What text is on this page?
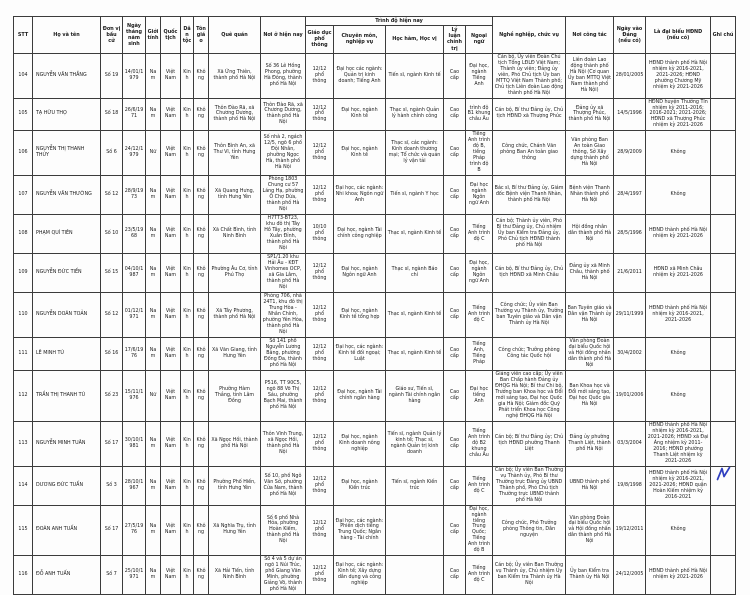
STT	Họ và tên	Đơn vị bầu cử	Ngày tháng năm sinh	Giới tính	Quốc tịch	Dân tộc	Tôn giáo	Quê quán	Nơi ở hiện nay	Trình độ hiện nay					Nghề nghiệp, chức vụ	Nơi công tác	Ngày vào Đảng (nếu có)	Là đại biểu HĐND (nếu có)	Ghi chú
										Giáo dục phổ thông	Chuyên môn, nghiệp vụ	Học hàm, Học vị	Lý luận chính trị	Ngoại ngữ					
104	NGUYỄN VĂN THẮNG	Số 19	14/01/1979	Nam	Việt Nam	Kinh	Không	Xã Ứng Thiên, thành phố Hà Nội	Số 36 Lê Hồng Phong, phường Hà Đông, thành phố Hà Nội	12/12 phổ thông	Đại học các ngành: Quản trị kinh doanh; Tiếng Anh	Tiến sĩ, ngành Kinh tế	Cao cấp	Đại học, ngành Tiếng Anh	Cán bộ, Ủy viên Đoàn Chủ tịch Tổng LĐLĐ Việt Nam; Thành ủy viên; Đảng ủy viên, Phó Chủ tịch Ủy ban MTTQ Việt Nam Thành phố; Chủ tịch Liên đoàn Lao động thành phố Hà Nội	Liên đoàn Lao động thành phố Hà Nội (Cơ quan Ủy ban MTTQ Việt Nam thành phố Hà Nội)	28/01/2005	HĐND thành phố Hà Nội nhiệm kỳ 2016-2021, 2021-2026; HĐND phường Chương Mỹ nhiệm kỳ 2021-2026	
105	TẠ HỮU THỌ	Số 18	26/6/1971	Nam	Việt Nam	Kinh	Không	Thôn Đào Rã, xã Chương Dương, thành phố Hà Nội	Thôn Đào Rã, xã Chương Dương, thành phố Hà Nội	12/12 phổ thông	Đại học, ngành Kinh tế	Thạc sĩ, ngành Quản lý hành chính công	Cao cấp	trình độ B1 khung châu Âu	Cán bộ, Bí thư Đảng ủy, Chủ tịch HĐND xã Thượng Phúc	Đảng ủy xã Thượng Phúc, thành phố Hà Nội	14/5/1996	HĐND huyện Thường Tín nhiệm kỳ 2011-2016; 2016-2021; 2021-2026; HĐND xã Thượng Phúc nhiệm kỳ 2021-2026	
106	NGUYỄN THỊ THANH THỦY	Số 6	24/12/1979	Nữ	Việt Nam	Kinh	Không	Thôn Bình An, xã Thư Vĩ, tỉnh Hưng Yên	Số nhà 2, ngách 12/5, ngõ 6 phố Đội Nhân, phường Ngọc Hà, thành phố Hà Nội	12/12 phổ thông	Đại học, ngành Kinh tế	Thạc sĩ, các ngành: Kinh doanh thương mại; Tổ chức và quản lý vận tải	Cao cấp	Tiếng Anh trình độ B, tiếng Pháp trình độ B	Công chức, Chánh Văn phòng Ban An toàn giao thông	Văn phòng Ban An toàn Giao thông, Sở Xây dựng thành phố Hà Nội	28/9/2009	Không	
107	NGUYỄN VĂN THƯỜNG	Số 12	28/9/1973	Nam	Việt Nam	Kinh	Không	Xã Quang Hưng, tỉnh Hưng Yên	Phòng 1803 Chung cư 57 Láng Hạ, phường Ô Chợ Dừa, thành phố Hà Nội	12/12 phổ thông	Đại học, các ngành: Nhi khoa; Ngôn ngữ Anh	Tiến sĩ, ngành Y học	Cao cấp	Đại học ngành Ngôn ngữ Anh	Bác sĩ, Bí thư Đảng ủy, Giám đốc Bệnh viện Thanh Nhàn, thành phố Hà Nội	Bệnh viện Thanh Nhàn thành phố Hà Nội	28/4/1997	Không	
108	PHẠM QUÍ TIÊN	Số 10	23/5/1968	Nam	Việt Nam	Kinh	Không	Xã Chất Bình, tỉnh Ninh Bình	H7TT3-BT23, khu đô thị Tây Hồ Tây, phường Xuân Đỉnh, thành phố Hà Nội	10/10 phổ thông	Đại học, ngành Tài chính công nghiệp	Thạc sĩ, ngành Kinh tế	Cao cấp	Tiếng Anh trình độ C	Cán bộ; Thành ủy viên, Phó Bí thư Đảng ủy, Chủ nhiệm Ủy ban Kiểm tra Đảng ủy, Phó Chủ tịch HĐND thành phố Hà Nội	Hội đồng nhân dân thành phố Hà Nội	28/5/1996	HĐND thành phố Hà Nội nhiệm kỳ 2021-2026	
109	NGUYỄN ĐỨC TIẾN	Số 15	04/10/1987	Nam	Việt Nam	Kinh	Không	Phường Âu Cơ, tỉnh Phú Thọ	SP1/1.20 khu Hải Âu - KĐT Vinhomes OCP, xã Gia Lâm, thành phố Hà Nội	12/12 phổ thông	Đại học, ngành Ngôn ngữ Anh	Thạc sĩ, ngành Báo chí	Cao cấp	Đại học, ngành Ngôn ngữ Anh	Cán bộ, Bí thư Đảng ủy, Chủ tịch HĐND xã Minh Châu	Đảng ủy xã Minh Châu, thành phố Hà Nội	21/6/2011	HĐND xã Minh Châu nhiệm kỳ 2021-2026	
110	NGUYỄN DOÃN TOẢN	Số 12	01/12/1971	Nam	Việt Nam	Kinh	Không	Xã Tây Phương, thành phố Hà Nội	Phòng 706, nhà 24T1, khu đô thị Trung Hòa - Nhân Chính, phường Yên Hòa, thành phố Hà Nội	12/12 phổ thông	Đại học, ngành Kinh tế tổng hợp	Thạc sĩ, ngành Kinh tế	Cao cấp	Tiếng Anh trình độ C	Công chức; Ủy viên Ban Thường vụ Thành ủy, Trưởng ban Tuyên giáo và Dân vận Thành ủy Hà Nội	Ban Tuyên giáo và Dân vận Thành ủy Hà Nội	29/11/1999	HĐND thành phố Hà Nội nhiệm kỳ 2016-2021, 2021-2026	
111	LÊ MINH TÚ	Số 16	17/6/1976	Nam	Việt Nam	Kinh	Không	Xã Văn Giang, tỉnh Hưng Yên	Số 141 phố Nguyễn Lương Bằng, phường Đống Đa, thành phố Hà Nội	12/12 phổ thông	Đại học, các ngành: Kinh tế đối ngoại; Luật	Thạc sĩ, ngành Kinh tế	Cao cấp	Tiếng Anh, Tiếng Pháp	Công chức; Trưởng phòng Công tác Quốc hội	Văn phòng Đoàn đại biểu Quốc hội và Hội đồng nhân dân thành phố Hà Nội	30/4/2002	Không	
112	TRẦN THỊ THANH TÚ	Số 23	15/11/1976	Nữ	Việt Nam	Kinh	Không	Phường Hàm Thắng, tỉnh Lâm Đồng	P516, TT 90C5, ngõ 88 Võ Thị Sáu, phường Bạch Mai, thành phố Hà Nội	12/12 phổ thông	Đại học, ngành Tài chính ngân hàng	Giáo sư, Tiến sĩ, ngành Tài chính ngân hàng	Cao cấp	Đại học tiếng Anh	Giảng viên cao cấp; Ủy viên Ban Chấp hành Đảng ủy ĐHQG Hà Nội; Bí thư Chi bộ, Trưởng ban Khoa học và Đổi mới sáng tạo, Đại học Quốc gia Hà Nội; Giám đốc Quỹ Phát triển Khoa học Công nghệ ĐHQG Hà Nội	Ban Khoa học và Đổi mới sáng tạo, Đại học Quốc gia Hà Nội	19/01/2006	Không	
113	NGUYỄN MINH TUÂN	Số 17	30/10/1981	Nam	Việt Nam	Kinh	Không	Xã Ngọc Hồi, thành phố Hà Nội	Thôn Vĩnh Trung, xã Ngọc Hồi, thành phố Hà Nội	12/12 phổ thông	Đại học, ngành Kinh doanh nông nghiệp	Tiến sĩ, ngành Quản lý kinh tế; Thạc sĩ, ngành Quản trị kinh doanh	Cao cấp	Tiếng Anh trình độ B2 khung châu Âu	Cán bộ; Bí thư Đảng ủy; Chủ tịch HĐND phường Thanh Liệt	Đảng ủy phường Thanh Liệt, thành phố Hà Nội	03/3/2004	HĐND thành phố Hà Nội nhiệm kỳ 2016-2021, 2021-2026; HĐND xã Đại Áng nhiệm kỳ 2011-2016; HĐND phường Thanh Liệt nhiệm kỳ 2021-2026	
114	DƯƠNG ĐỨC TUẤN	Số 3	28/10/1967	Nam	Việt Nam	Kinh	Không	Phường Phố Hiến, tỉnh Hưng Yên	Số 10, phố Ngô Văn Sở, phường Cửa Nam, thành phố Hà Nội	12/12 phổ thông	Đại học, ngành Kiến trúc	Tiến sĩ, ngành Kiến trúc	Cao cấp	Tiếng Anh trình độ C	Cán bộ; Ủy viên Ban Thường vụ Thành ủy, Phó Bí thư Thường trực Đảng ủy UBND Thành phố, Phó Chủ tịch Thường trực UBND thành phố Hà Nội	UBND thành phố Hà Nội	19/8/1998	HĐND thành phố Hà Nội nhiệm kỳ 2016-2021, 2021-2026; HĐND quận Hoàn Kiếm nhiệm kỳ 2016-2021	
115	ĐOÀN ANH TUẤN	Số 17	27/5/1976	Nam	Việt Nam	Kinh	Không	Xã Nghĩa Trụ, tỉnh Hưng Yên	Số 6 phố Nhà Hỏa, phường Hoàn Kiếm, thành phố Hà Nội	12/12 phổ thông	Đại học, các ngành: Phiên dịch tiếng Trung Quốc; Ngân hàng - Tài chính		Cao cấp	Đại học, ngành tiếng Trung Quốc; Tiếng Anh trình độ B	Công chức, Phó Trưởng phòng Thông tin, Dân nguyện	Văn phòng Đoàn đại biểu Quốc hội và Hội đồng nhân dân thành phố Hà Nội	19/12/2011	Không	
116	ĐỖ ANH TUẤN	Số 7	25/10/1971	Nam	Việt Nam	Kinh	Không	Xã Hải Tiến, tỉnh Ninh Bình	Số 4 và 5 dự án ngõ 1 Núi Trúc, phố Giang Văn Minh, phường Giảng Võ, thành phố Hà Nội	12/12 phổ thông	Đại học, các ngành: Kinh tế; Xây dựng dân dụng và công nghiệp		Cao cấp	Tiếng Anh trình độ C	Cán bộ; Ủy viên Ban Thường vụ Thành ủy, Chủ nhiệm Ủy ban Kiểm tra Thành ủy Hà Nội	Ủy ban Kiểm tra Thành ủy Hà Nội	24/12/2005	HĐND thành phố Hà Nội nhiệm kỳ 2021-2026	
